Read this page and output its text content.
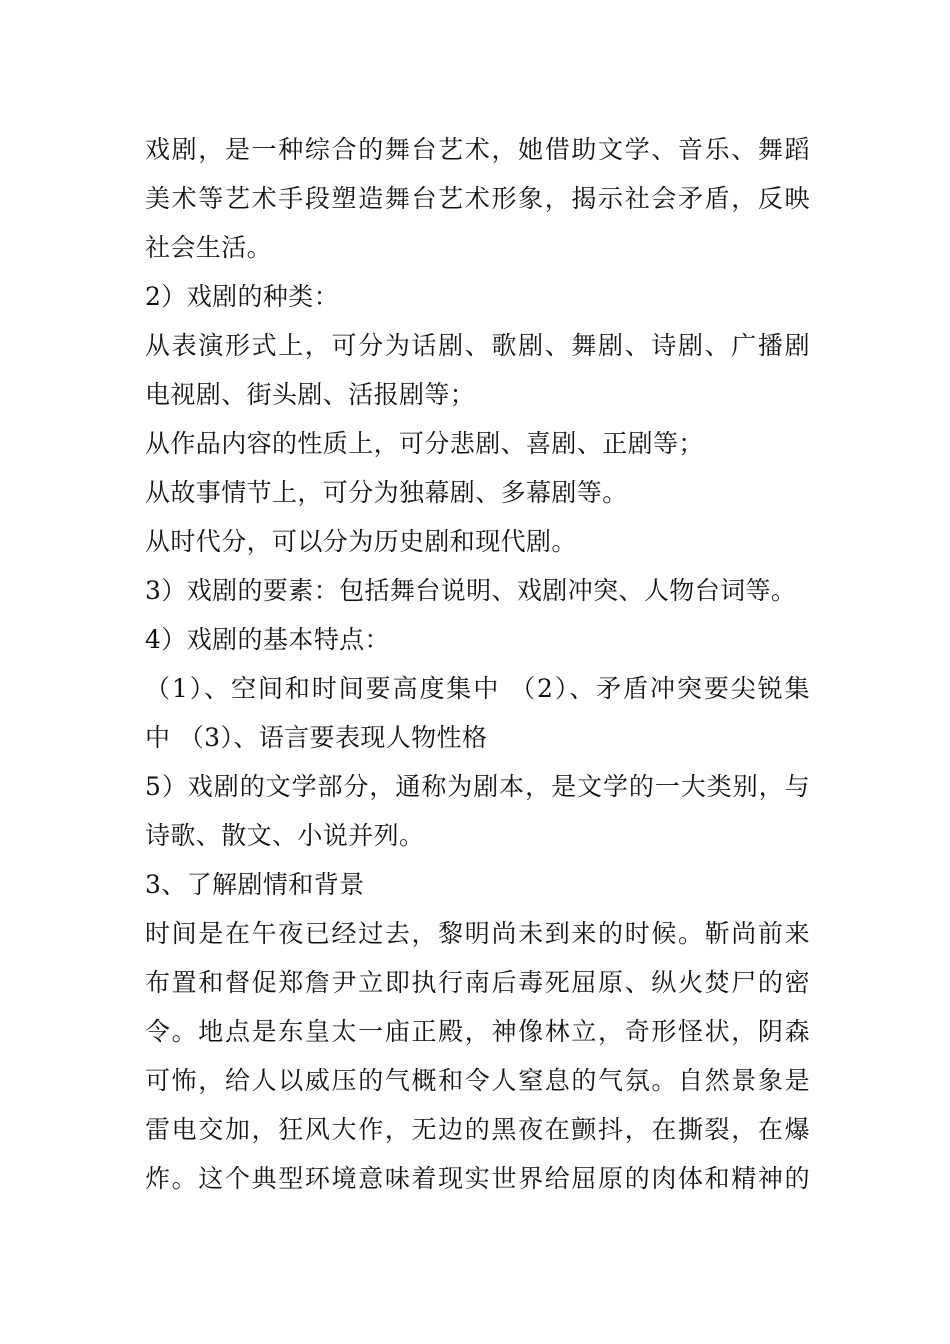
戏剧，是一种综合的舞台艺术，她借助文学、音乐、舞蹈
美术等艺术手段塑造舞台艺术形象，揭示社会矛盾，反映
社会生活。
2）戏剧的种类：
从表演形式上，可分为话剧、歌剧、舞剧、诗剧、广播剧
电视剧、街头剧、活报剧等；
从作品内容的性质上，可分悲剧、喜剧、正剧等；
从故事情节上，可分为独幕剧、多幕剧等。
从时代分，可以分为历史剧和现代剧。
3）戏剧的要素：包括舞台说明、戏剧冲突、人物台词等。
4）戏剧的基本特点：
（1）、空间和时间要高度集中 （2）、矛盾冲突要尖锐集
中 （3）、语言要表现人物性格
5）戏剧的文学部分，通称为剧本，是文学的一大类别，与
诗歌、散文、小说并列。
3、了解剧情和背景
时间是在午夜已经过去，黎明尚未到来的时候。靳尚前来
布置和督促郑詹尹立即执行南后毒死屈原、纵火焚尸的密
令。地点是东皇太一庙正殿，神像林立，奇形怪状，阴森
可怖，给人以威压的气概和令人窒息的气氛。自然景象是
雷电交加，狂风大作，无边的黑夜在颤抖，在撕裂，在爆
炸。这个典型环境意味着现实世界给屈原的肉体和精神的
